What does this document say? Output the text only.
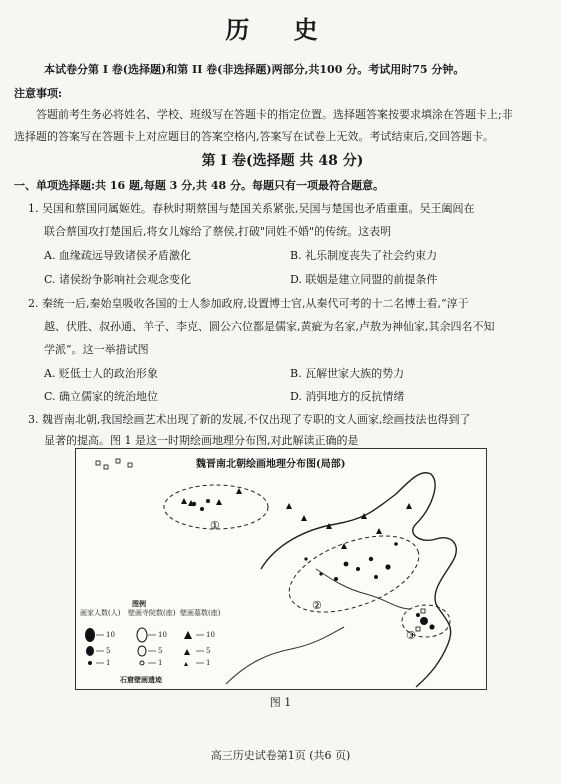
历 史
本试卷分第 I 卷(选择题)和第 II 卷(非选择题)两部分,共100 分。考试用时75 分钟。
注意事项:
答题前考生务必将姓名、学校、班级写在答题卡的指定位置。选择题答案按要求填涂在答题卡上;非
选择题的答案写在答题卡上对应题目的答案空格内,答案写在试卷上无效。考试结束后,交回答题卡。
第 I 卷(选择题 共 48 分)
一、单项选择题:共 16 题,每题 3 分,共 48 分。每题只有一项最符合题意。
1. 吴国和蔡国同属姬姓。春秋时期蔡国与楚国关系紧张,吴国与楚国也矛盾重重。吴王阖闾在
联合蔡国攻打楚国后,将女儿嫁给了蔡侯,打破"同姓不婚"的传统。这表明
A. 血缘疏远导致诸侯矛盾激化	B. 礼乐制度丧失了社会约束力
C. 诸侯纷争影响社会观念变化	D. 联姻是建立同盟的前提条件
2. 秦统一后,秦始皇吸收各国的士人参加政府,设置博士官,从秦代可考的十二名博士看,“淳于
越、伏胜、叔孙通、羊子、李克、圆公六位都是儒家,黄疵为名家,卢敖为神仙家,其余四名不知
学派”。这一举措试图
A. 贬低士人的政治形象	B. 瓦解世家大族的势力
C. 确立儒家的统治地位	D. 消弭地方的反抗情绪
3. 魏晋南北朝,我国绘画艺术出现了新的发展,不仅出现了专职的文人画家,绘画技法也得到了
显著的提高。图 1 是这一时期绘画地理分布图,对此解读正确的是
魏晋南北朝绘画地理分布图(局部)
①
②
③
图例
画家人数(人)	壁画寺院数(座) 壁画墓数(座)
10
5
1
10
5
1
10
5
1
石窟壁画遗迹
图 1
高三历史试卷第1页 (共6 页)
